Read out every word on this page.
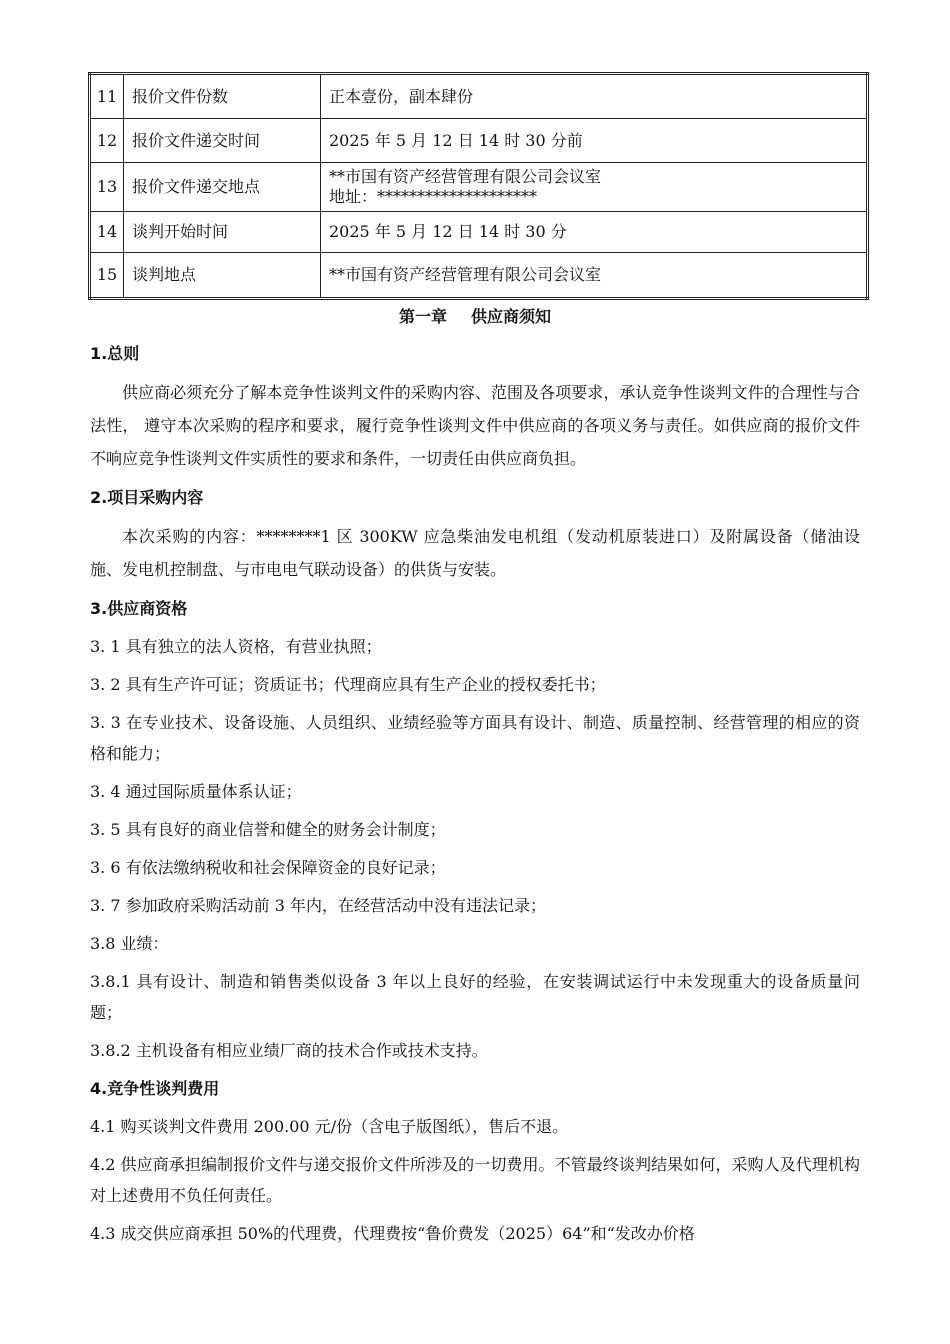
11	报价文件份数	正本壹份，副本肆份
12	报价文件递交时间	2025 年 5 月 12 日 14 时 30 分前
13	报价文件递交地点	**市国有资产经营管理有限公司会议室
地址：********************

14	谈判开始时间	2025 年 5 月 12 日 14 时 30 分
15	谈判地点	**市国有资产经营管理有限公司会议室
第一章 供应商须知

1.总则

供应商必须充分了解本竞争性谈判文件的采购内容、范围及各项要求，承认竞争性谈判文件的合理性与合法性， 遵守本次采购的程序和要求，履行竞争性谈判文件中供应商的各项义务与责任。如供应商的报价文件不响应竞争性谈判文件实质性的要求和条件，一切责任由供应商负担。

2.项目采购内容

本次采购的内容：********1 区 300KW 应急柴油发电机组（发动机原装进口）及附属设备（储油设施、发电机控制盘、与市电电气联动设备）的供货与安装。

3.供应商资格

3. 1 具有独立的法人资格，有营业执照；

3. 2 具有生产许可证；资质证书；代理商应具有生产企业的授权委托书；

3. 3 在专业技术、设备设施、人员组织、业绩经验等方面具有设计、制造、质量控制、经营管理的相应的资格和能力；

3. 4 通过国际质量体系认证；

3. 5 具有良好的商业信誉和健全的财务会计制度；

3. 6 有依法缴纳税收和社会保障资金的良好记录；

3. 7 参加政府采购活动前 3 年内，在经营活动中没有违法记录；

3.8 业绩：

3.8.1 具有设计、制造和销售类似设备 3 年以上良好的经验，在安装调试运行中未发现重大的设备质量问题；

3.8.2 主机设备有相应业绩厂商的技术合作或技术支持。

4.竞争性谈判费用

4.1 购买谈判文件费用 200.00 元/份（含电子版图纸），售后不退。

4.2 供应商承担编制报价文件与递交报价文件所涉及的一切费用。不管最终谈判结果如何，采购人及代理机构对上述费用不负任何责任。

4.3 成交供应商承担 50%的代理费，代理费按“鲁价费发（2025）64”和“发改办价格
